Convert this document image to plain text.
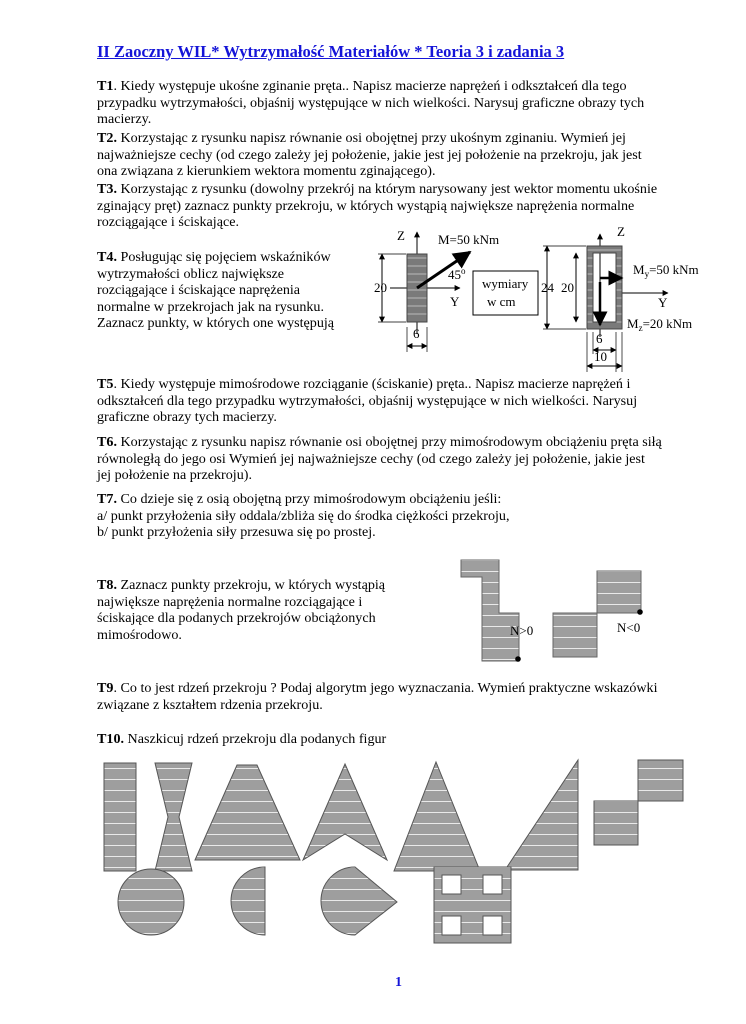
II Zaoczny WIL* Wytrzymałość Materiałów * Teoria 3 i zadania 3

T1. Kiedy występuje ukośne zginanie pręta.. Napisz macierze naprężeń i odkształceń dla tego przypadku wytrzymałości, objaśnij występujące w nich wielkości. Narysuj graficzne obrazy tych macierzy.

T2. Korzystając z rysunku napisz równanie osi obojętnej przy ukośnym zginaniu. Wymień jej najważniejsze cechy (od czego zależy jej położenie, jakie jest jej położenie na przekroju, jak jest ona związana z kierunkiem wektora momentu zginającego).

T3. Korzystając z rysunku (dowolny przekrój na którym narysowany jest wektor momentu ukośnie zginający pręt) zaznacz punkty przekroju, w których wystąpią największe naprężenia normalne rozciągające i ściskające.

T4. Posługując się pojęciem wskaźników wytrzymałości oblicz największe rozciągające i ściskające naprężenia normalne w przekrojach jak na rysunku. Zaznacz punkty, w których one występują

Z	M=50 kNm
45$^o$
Y
20
6
wymiary
w cm
Z
$M_y=50$ kNm
Y
$M_z=20$ kNm
24 20
6
10

T5. Kiedy występuje mimośrodowe rozciąganie (ściskanie) pręta.. Napisz macierze naprężeń i odkształceń dla tego przypadku wytrzymałości, objaśnij występujące w nich wielkości. Narysuj graficzne obrazy tych macierzy.

T6. Korzystając z rysunku napisz równanie osi obojętnej przy mimośrodowym obciążeniu pręta siłą równoległą do jego osi Wymień jej najważniejsze cechy (od czego zależy jej położenie, jakie jest jej położenie na przekroju).

T7. Co dzieje się z osią obojętną przy mimośrodowym obciążeniu jeśli:
a/ punkt przyłożenia siły oddala/zbliża się do środka ciężkości przekroju,
b/ punkt przyłożenia siły przesuwa się po prostej.

T8. Zaznacz punkty przekroju, w których wystąpią największe naprężenia normalne rozciągające i ściskające dla podanych przekrojów obciążonych mimośrodowo.	N>0	N<0

T9. Co to jest rdzeń przekroju ? Podaj algorytm jego wyznaczania. Wymień praktyczne wskazówki związane z kształtem rdzenia przekroju.

T10. Naszkicuj rdzeń przekroju dla podanych figur

1
